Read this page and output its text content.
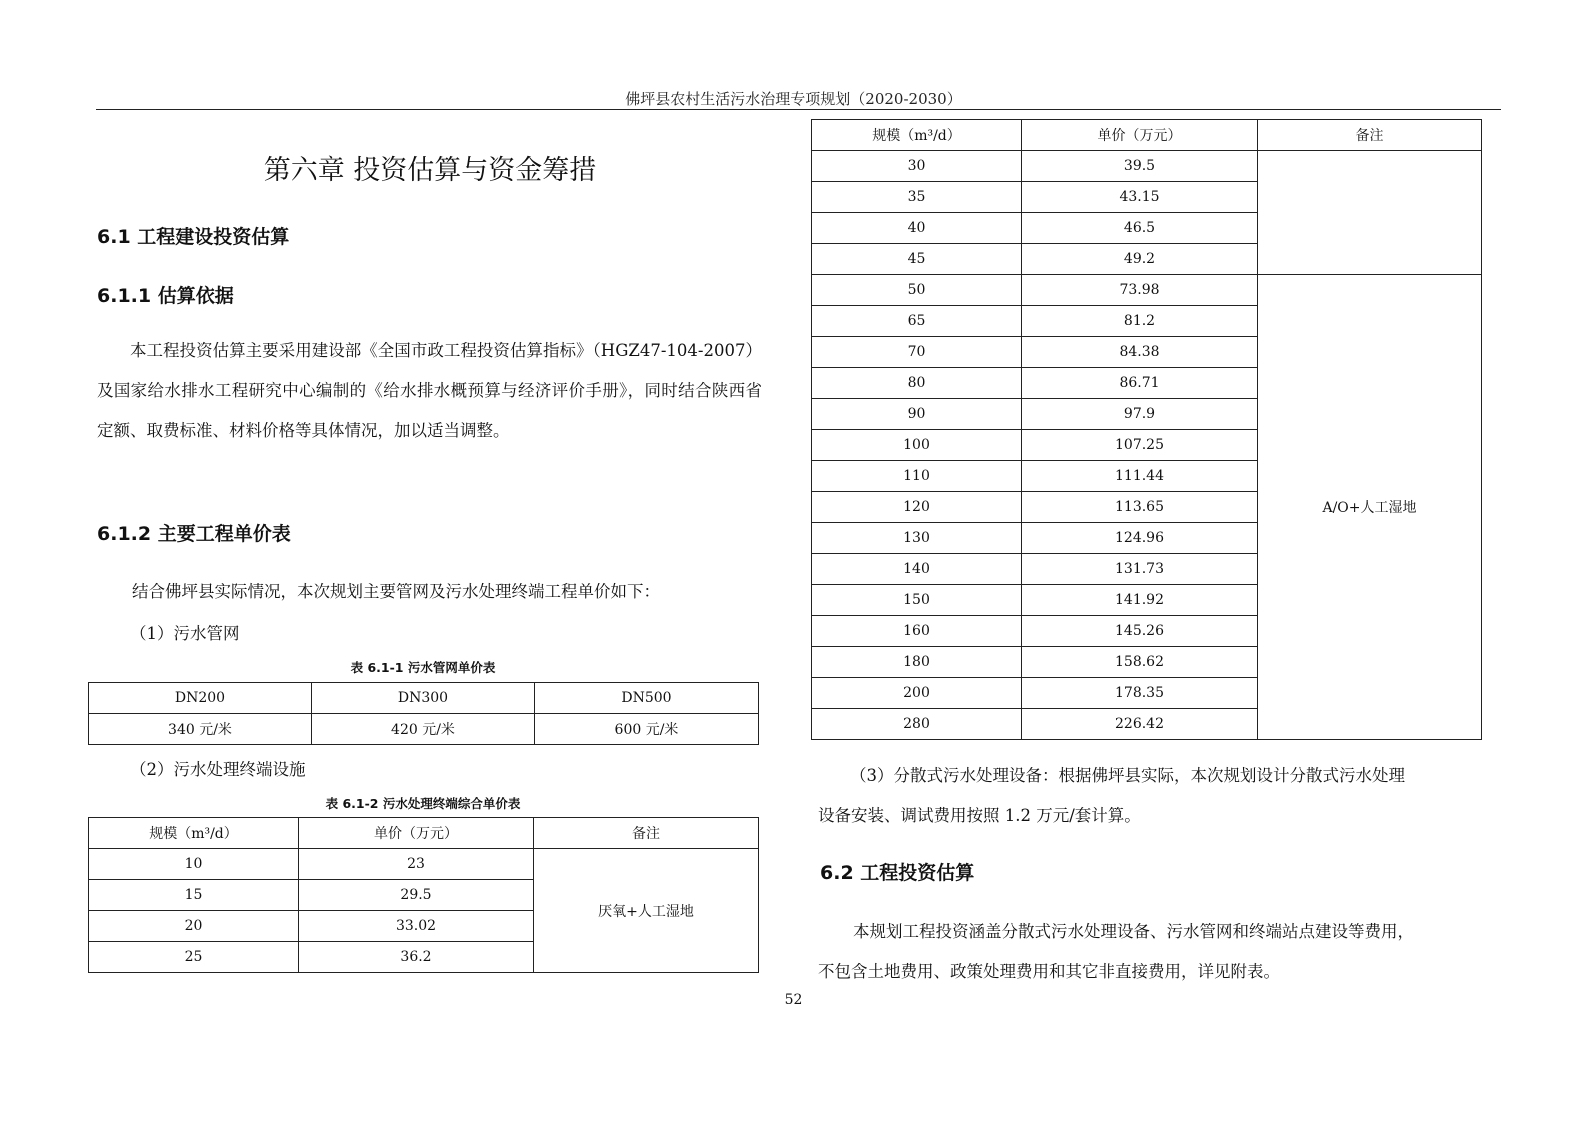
佛坪县农村生活污水治理专项规划（2020-2030）
第六章 投资估算与资金筹措
6.1 工程建设投资估算
6.1.1 估算依据
本工程投资估算主要采用建设部《全国市政工程投资估算指标》（HGZ47-104-2007）及国家给水排水工程研究中心编制的《给水排水概预算与经济评价手册》，同时结合陕西省定额、取费标准、材料价格等具体情况，加以适当调整。
6.1.2 主要工程单价表
结合佛坪县实际情况，本次规划主要管网及污水处理终端工程单价如下：
（1）污水管网
表 6.1-1 污水管网单价表
DN200	DN300	DN500
340 元/米	420 元/米	600 元/米
（2）污水处理终端设施
表 6.1-2 污水处理终端综合单价表
规模（m³/d）	单价（万元）	备注
10	23	厌氧+人工湿地
15	29.5	
20	33.02	
25	36.2	
规模（m³/d）	单价（万元）	备注
30	39.5	
35	43.15	
40	46.5	
45	49.2	
50	73.98	A/O+人工湿地
65	81.2	
70	84.38	
80	86.71	
90	97.9	
100	107.25	
110	111.44	
120	113.65	
130	124.96	
140	131.73	
150	141.92	
160	145.26	
180	158.62	
200	178.35	
280	226.42	
（3）分散式污水处理设备：根据佛坪县实际，本次规划设计分散式污水处理
设备安装、调试费用按照 1.2 万元/套计算。
6.2 工程投资估算
本规划工程投资涵盖分散式污水处理设备、污水管网和终端站点建设等费用，
不包含土地费用、政策处理费用和其它非直接费用，详见附表。
52
